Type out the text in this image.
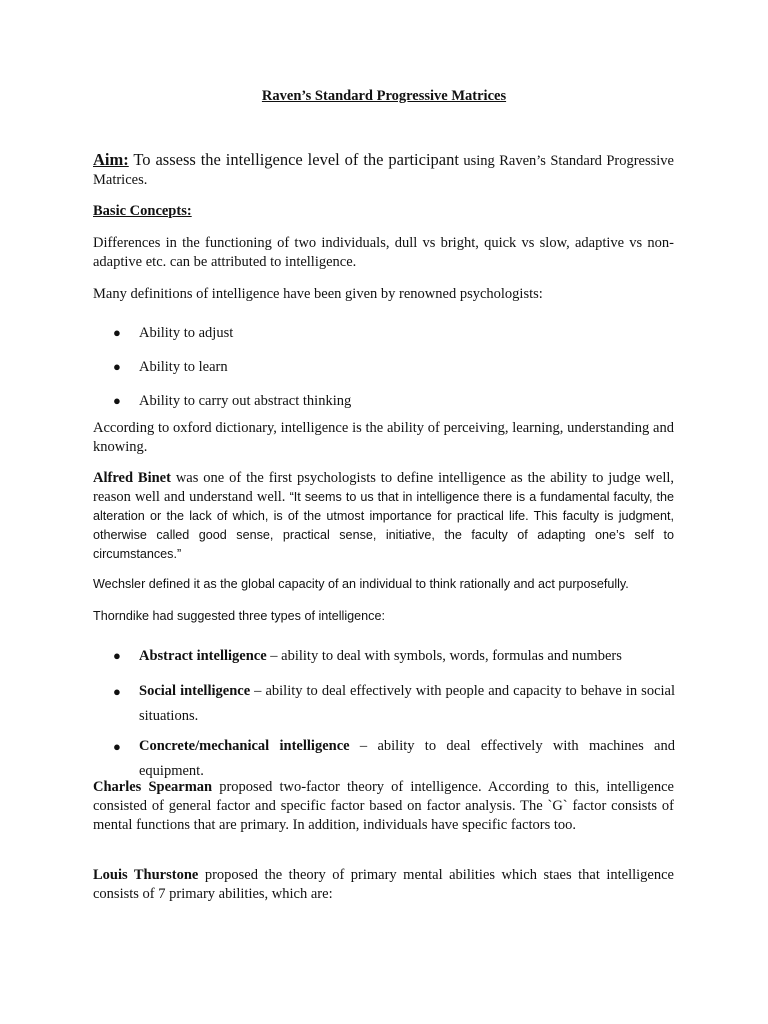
Raven’s Standard Progressive Matrices

Aim: To assess the intelligence level of the participant using Raven’s Standard Progressive Matrices.

Basic Concepts:

Differences in the functioning of two individuals, dull vs bright, quick vs slow, adaptive vs non-adaptive etc. can be attributed to intelligence.

Many definitions of intelligence have been given by renowned psychologists:

● Ability to adjust
● Ability to learn
● Ability to carry out abstract thinking

According to oxford dictionary, intelligence is the ability of perceiving, learning, understanding and knowing.

Alfred Binet was one of the first psychologists to define intelligence as the ability to judge well, reason well and understand well. “It seems to us that in intelligence there is a fundamental faculty, the alteration or the lack of which, is of the utmost importance for practical life. This faculty is judgment, otherwise called good sense, practical sense, initiative, the faculty of adapting one’s self to circumstances.”

Wechsler defined it as the global capacity of an individual to think rationally and act purposefully.

Thorndike had suggested three types of intelligence:

● Abstract intelligence – ability to deal with symbols, words, formulas and numbers
● Social intelligence – ability to deal effectively with people and capacity to behave in social situations.
● Concrete/mechanical intelligence – ability to deal effectively with machines and equipment.

Charles Spearman proposed two-factor theory of intelligence. According to this, intelligence consisted of general factor and specific factor based on factor analysis. The `G` factor consists of mental functions that are primary. In addition, individuals have specific factors too.

Louis Thurstone proposed the theory of primary mental abilities which staes that intelligence consists of 7 primary abilities, which are:
